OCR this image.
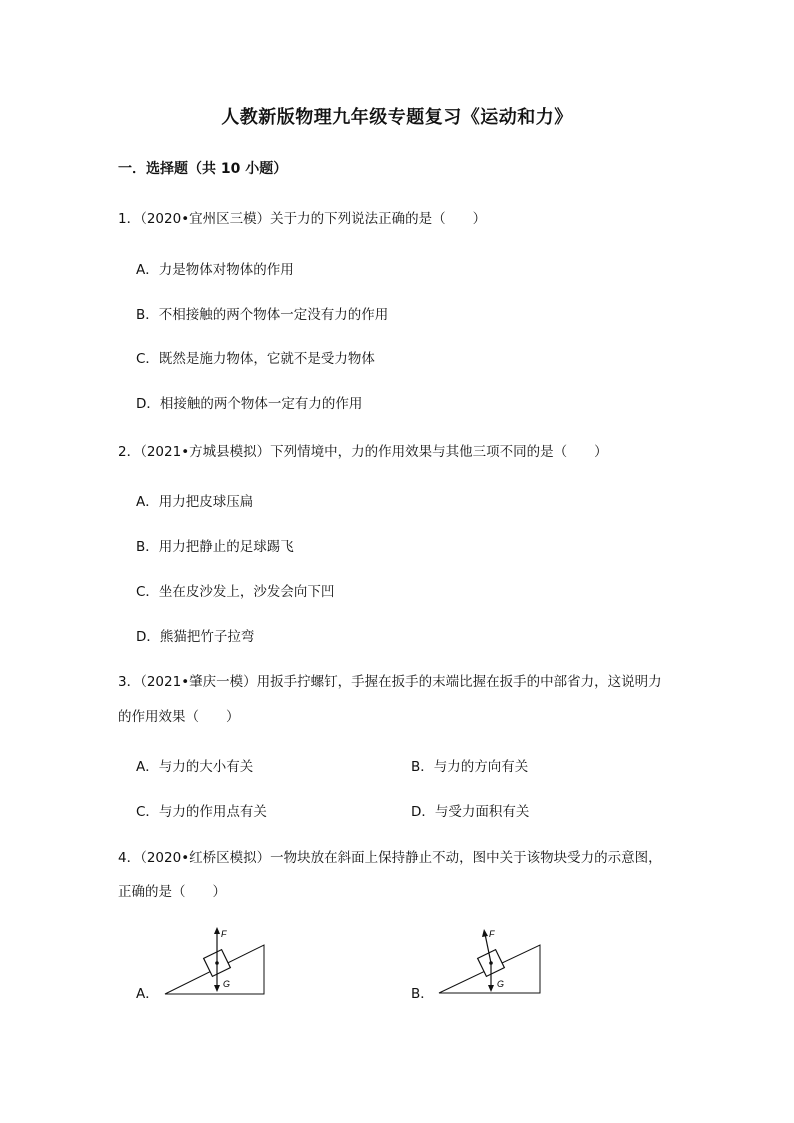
人教新版物理九年级专题复习《运动和力》
一．选择题（共 10 小题）
1．（2020•宜州区三模）关于力的下列说法正确的是（　　）
A．力是物体对物体的作用
B．不相接触的两个物体一定没有力的作用
C．既然是施力物体，它就不是受力物体
D．相接触的两个物体一定有力的作用
2．（2021•方城县模拟）下列情境中，力的作用效果与其他三项不同的是（　　）
A．用力把皮球压扁
B．用力把静止的足球踢飞
C．坐在皮沙发上，沙发会向下凹
D．熊猫把竹子拉弯
3．（2021•肇庆一模）用扳手拧螺钉，手握在扳手的末端比握在扳手的中部省力，这说明力
的作用效果（　　）
A．与力的大小有关	B．与力的方向有关
C．与力的作用点有关	D．与受力面积有关
4．（2020•红桥区模拟）一物块放在斜面上保持静止不动，图中关于该物块受力的示意图，
正确的是（　　）
A．
F
G
B．
F
G
